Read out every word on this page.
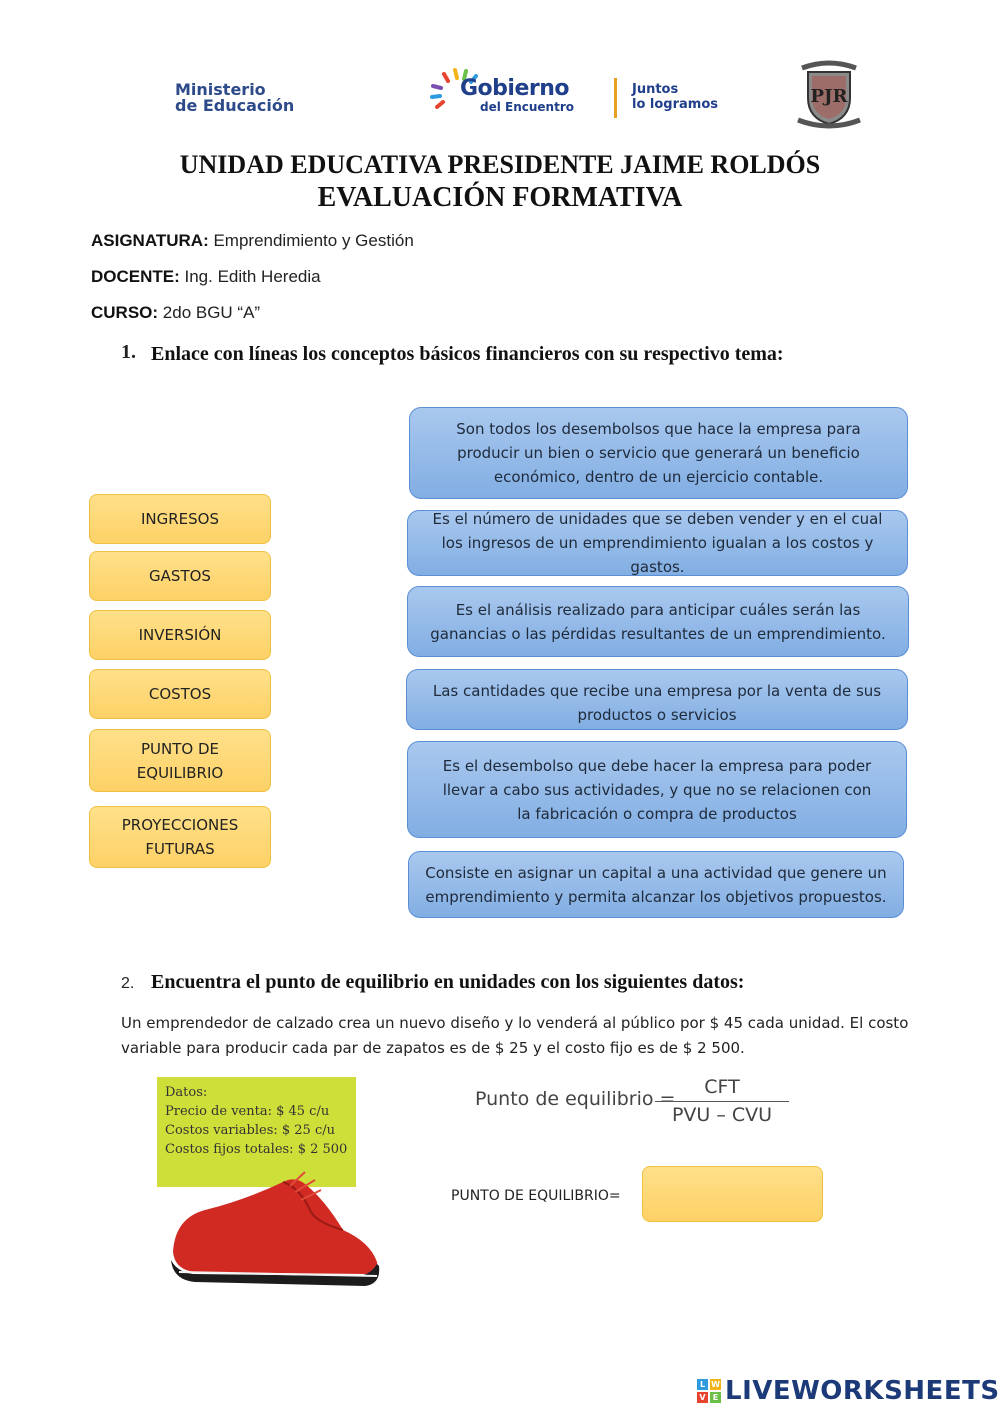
Ministerio
de Educación
Gobierno
del Encuentro
Juntos
lo logramos	PJR
UNIDAD EDUCATIVA PRESIDENTE JAIME ROLDÓS
EVALUACIÓN FORMATIVA
ASIGNATURA: Emprendimiento y Gestión
DOCENTE: Ing. Edith Heredia
CURSO: 2do BGU “A”
1. Enlace con líneas los conceptos básicos financieros con su respectivo tema:
INGRESOS
GASTOS
INVERSIÓN
COSTOS
PUNTO DE EQUILIBRIO
PROYECCIONES FUTURAS
Son todos los desembolsos que hace la empresa para producir un bien o servicio que generará un beneficio económico, dentro de un ejercicio contable.
Es el número de unidades que se deben vender y en el cual los ingresos de un emprendimiento igualan a los costos y gastos.
Es el análisis realizado para anticipar cuáles serán las ganancias o las pérdidas resultantes de un emprendimiento.
Las cantidades que recibe una empresa por la venta de sus productos o servicios
Es el desembolso que debe hacer la empresa para poder llevar a cabo sus actividades, y que no se relacionen con la fabricación o compra de productos
Consiste en asignar un capital a una actividad que genere un emprendimiento y permita alcanzar los objetivos propuestos.
2. Encuentra el punto de equilibrio en unidades con los siguientes datos:
Un emprendedor de calzado crea un nuevo diseño y lo venderá al público por $ 45 cada unidad. El costo variable para producir cada par de zapatos es de $ 25 y el costo fijo es de $ 2 500.
Datos:
Precio de venta: $ 45 c/u
Costos variables: $ 25 c/u
Costos fijos totales: $ 2 500
Punto de equilibrio =
CFT
PVU – CVU
PUNTO DE EQUILIBRIO=
L W
V E LIVEWORKSHEETS
